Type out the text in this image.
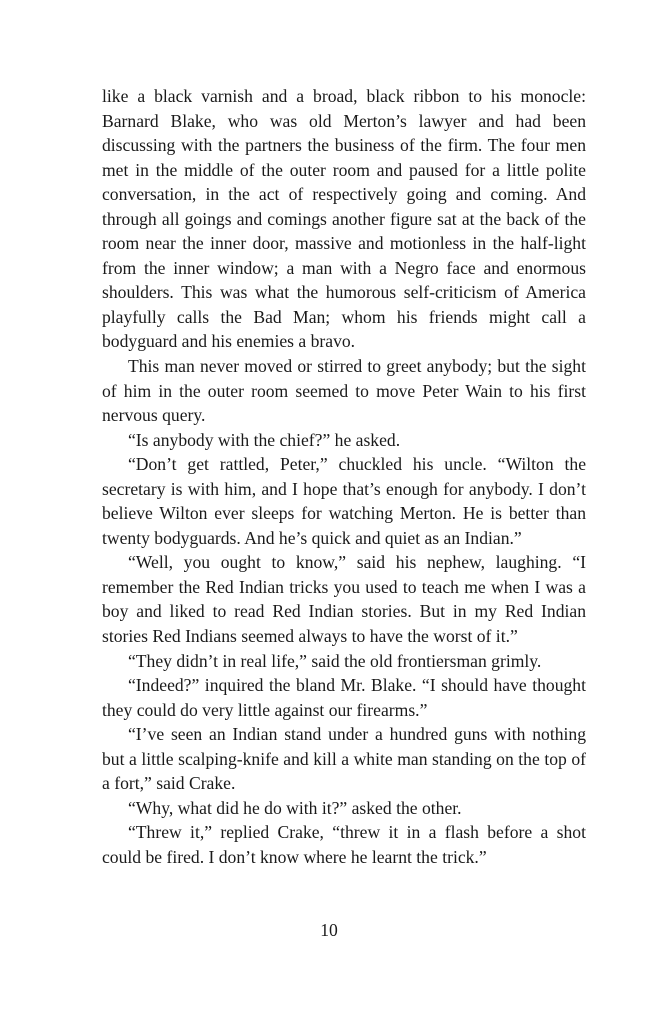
like a black varnish and a broad, black ribbon to his monocle: Barnard Blake, who was old Merton’s lawyer and had been discussing with the partners the business of the firm. The four men met in the middle of the outer room and paused for a little polite conversation, in the act of respectively going and coming. And through all goings and comings another figure sat at the back of the room near the inner door, massive and motionless in the half-light from the inner window; a man with a Negro face and enormous shoulders. This was what the humorous self-criticism of America playfully calls the Bad Man; whom his friends might call a bodyguard and his enemies a bravo.

This man never moved or stirred to greet anybody; but the sight of him in the outer room seemed to move Peter Wain to his first nervous query.

“Is anybody with the chief?” he asked.

“Don’t get rattled, Peter,” chuckled his uncle. “Wilton the secretary is with him, and I hope that’s enough for anybody. I don’t believe Wilton ever sleeps for watching Merton. He is better than twenty bodyguards. And he’s quick and quiet as an Indian.”

“Well, you ought to know,” said his nephew, laughing. “I remember the Red Indian tricks you used to teach me when I was a boy and liked to read Red Indian stories. But in my Red Indian stories Red Indians seemed always to have the worst of it.”

“They didn’t in real life,” said the old frontiersman grimly.

“Indeed?” inquired the bland Mr. Blake. “I should have thought they could do very little against our firearms.”

“I’ve seen an Indian stand under a hundred guns with nothing but a little scalping-knife and kill a white man standing on the top of a fort,” said Crake.

“Why, what did he do with it?” asked the other.

“Threw it,” replied Crake, “threw it in a flash before a shot could be fired. I don’t know where he learnt the trick.”

10
